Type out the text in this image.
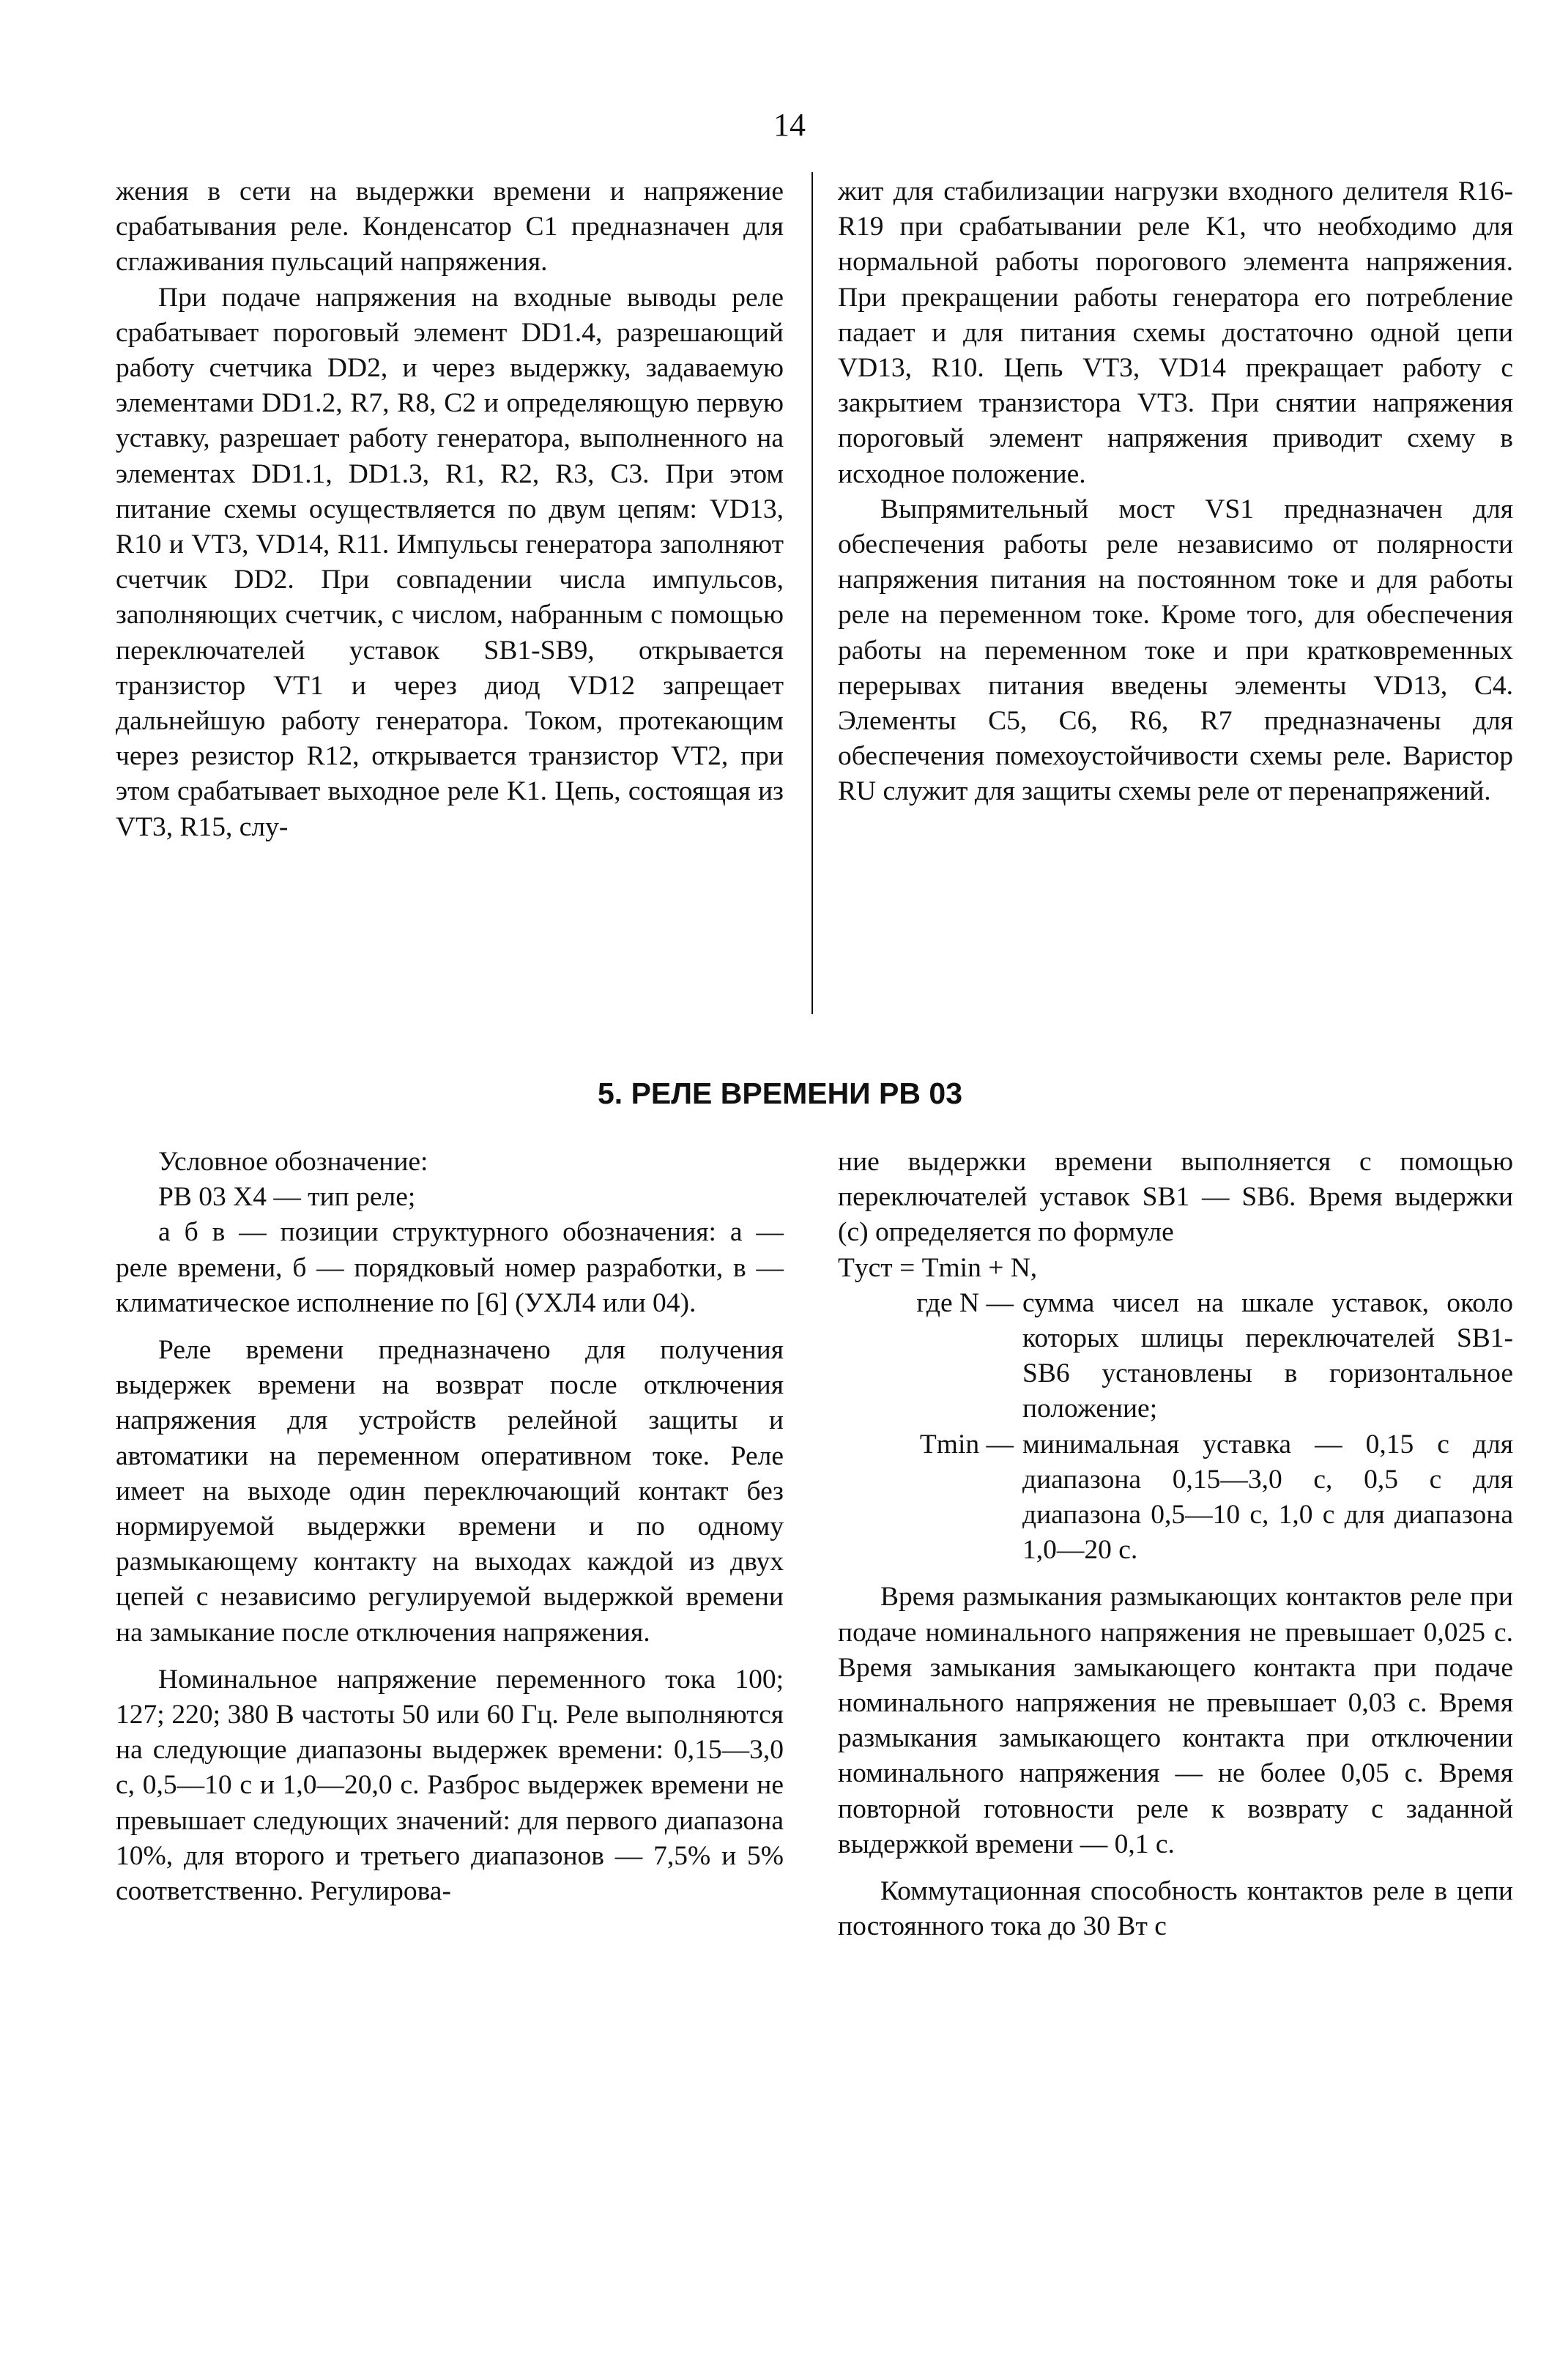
14

жения в сети на выдержки времени и напряжение срабатывания реле. Конденсатор C1 предназначен для сглаживания пульсаций напряжения.

При подаче напряжения на входные выводы реле срабатывает пороговый элемент DD1.4, разрешающий работу счетчика DD2, и через выдержку, задаваемую элементами DD1.2, R7, R8, C2 и определяющую первую уставку, разрешает работу генератора, выполненного на элементах DD1.1, DD1.3, R1, R2, R3, C3. При этом питание схемы осуществляется по двум цепям: VD13, R10 и VT3, VD14, R11. Импульсы генератора заполняют счетчик DD2. При совпадении числа импульсов, заполняющих счетчик, с числом, набранным с помощью переключателей уставок SB1-SB9, открывается транзистор VT1 и через диод VD12 запрещает дальнейшую работу генератора. Током, протекающим через резистор R12, открывается транзистор VT2, при этом срабатывает выходное реле K1. Цепь, состоящая из VT3, R15, слу-

жит для стабилизации нагрузки входного делителя R16-R19 при срабатывании реле K1, что необходимо для нормальной работы порогового элемента напряжения. При прекращении работы генератора его потребление падает и для питания схемы достаточно одной цепи VD13, R10. Цепь VT3, VD14 прекращает работу с закрытием транзистора VT3. При снятии напряжения пороговый элемент напряжения приводит схему в исходное положение.

Выпрямительный мост VS1 предназначен для обеспечения работы реле независимо от полярности напряжения питания на постоянном токе и для работы реле на переменном токе. Кроме того, для обеспечения работы на переменном токе и при кратковременных перерывах питания введены элементы VD13, C4. Элементы C5, C6, R6, R7 предназначены для обеспечения помехоустойчивости схемы реле. Варистор RU служит для защиты схемы реле от перенапряжений.

5. РЕЛЕ ВРЕМЕНИ РВ 03

Условное обозначение:

РВ 03 Х4 — тип реле;

а б в — позиции структурного обозначения: а — реле времени, б — порядковый номер разработки, в — климатическое исполнение по [6] (УХЛ4 или 04).

Реле времени предназначено для получения выдержек времени на возврат после отключения напряжения для устройств релейной защиты и автоматики на переменном оперативном токе. Реле имеет на выходе один переключающий контакт без нормируемой выдержки времени и по одному размыкающему контакту на выходах каждой из двух цепей с независимо регулируемой выдержкой времени на замыкание после отключения напряжения.

Номинальное напряжение переменного тока 100; 127; 220; 380 В частоты 50 или 60 Гц. Реле выполняются на следующие диапазоны выдержек времени: 0,15—3,0 с, 0,5—10 с и 1,0—20,0 с. Разброс выдержек времени не превышает следующих значений: для первого диапазона 10%, для второго и третьего диапазонов — 7,5% и 5% соответственно. Регулирова-

ние выдержки времени выполняется с помощью переключателей уставок SB1 — SB6. Время выдержки (с) определяется по формуле

Tуст = Tmin + N,

где N — сумма чисел на шкале уставок, около которых шлицы переключателей SB1-SB6 установлены в горизонтальное положение;
Tmin — минимальная уставка — 0,15 с для диапазона 0,15—3,0 с, 0,5 с для диапазона 0,5—10 с, 1,0 с для диапазона 1,0—20 с.

Время размыкания размыкающих контактов реле при подаче номинального напряжения не превышает 0,025 с. Время замыкания замыкающего контакта при подаче номинального напряжения не превышает 0,03 с. Время размыкания замыкающего контакта при отключении номинального напряжения — не более 0,05 с. Время повторной готовности реле к возврату с заданной выдержкой времени — 0,1 с.

Коммутационная способность контактов реле в цепи постоянного тока до 30 Вт с
